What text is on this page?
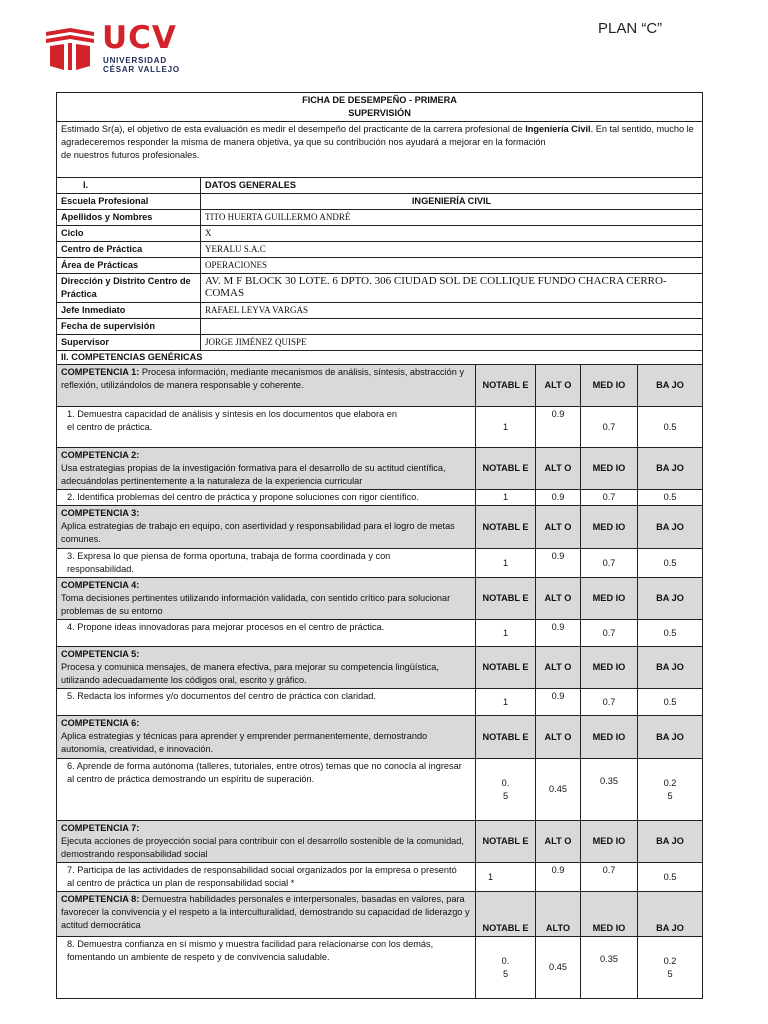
UCV
UNIVERSIDAD
CÉSAR VALLEJO
PLAN “C”
FICHA DE DESEMPEÑO - PRIMERA
SUPERVISIÓN					

Estimado Sr(a), el objetivo de esta evaluación es medir el desempeño del practicante de la carrera profesional de Ingeniería Civil. En tal sentido, mucho le agradeceremos responder la misma de manera objetiva, ya que su contribución nos ayudará a mejorar en la formación
de nuestros futuros profesionales.					
I.	DATOS GENERALES				
Escuela Profesional	INGENIERÍA CIVIL				
Apellidos y Nombres	TITO HUERTA GUILLERMO ANDRÉ				
Ciclo	X				
Centro de Práctica	YERALU S.A.C				
Área de Prácticas	OPERACIONES				
Dirección y Distrito Centro de Práctica	AV. M F BLOCK 30 LOTE. 6 DPTO. 306 CIUDAD SOL DE COLLIQUE FUNDO CHACRA CERRO- COMAS				
Jefe Inmediato	RAFAEL LEYVA VARGAS				
Fecha de supervisión					
Supervisor	JORGE JIMÉNEZ QUISPE				
II. COMPETENCIAS GENÉRICAS					
COMPETENCIA 1: Procesa información, mediante mecanismos de análisis, síntesis, abstracción y reflexión, utilizándolos de manera responsable y coherente.		NOTABL E	ALT O	MED IO	BA JO
1. Demuestra capacidad de análisis y síntesis en los documentos que elabora en el centro de práctica.		1	0.9	0.7	0.5
COMPETENCIA 2:
Usa estrategias propias de la investigación formativa para el desarrollo de su actitud científica, adecuándolas pertinentemente a la naturaleza de la experiencia curricular		NOTABL E	ALT O	MED IO	BA JO
2. Identifica problemas del centro de práctica y propone soluciones con rigor científico.		1	0.9	0.7	0.5
COMPETENCIA 3:
Aplica estrategias de trabajo en equipo, con asertividad y responsabilidad para el logro de metas comunes.		NOTABL E	ALT O	MED IO	BA JO
3. Expresa lo que piensa de forma oportuna, trabaja de forma coordinada y con responsabilidad.		1	0.9	0.7	0.5
COMPETENCIA 4:
Toma decisiones pertinentes utilizando información validada, con sentido crítico para solucionar problemas de su entorno		NOTABL E	ALT O	MED IO	BA JO
4. Propone ideas innovadoras para mejorar procesos en el centro de práctica.		1	0.9	0.7	0.5
COMPETENCIA 5:
Procesa y comunica mensajes, de manera efectiva, para mejorar su competencia lingüística, utilizando adecuadamente los códigos oral, escrito y gráfico.		NOTABL E	ALT O	MED IO	BA JO
5. Redacta los informes y/o documentos del centro de práctica con claridad.		1	0.9	0.7	0.5
COMPETENCIA 6:
Aplica estrategias y técnicas para aprender y emprender permanentemente, demostrando autonomía, creatividad, e innovación.		NOTABL E	ALT O	MED IO	BA JO
6. Aprende de forma autónoma (talleres, tutoriales, entre otros) temas que no conocía al ingresar al centro de práctica demostrando un espíritu de superación.		0.5	0.45	0.35	0.25
COMPETENCIA 7:
Ejecuta acciones de proyección social para contribuir con el desarrollo sostenible de la comunidad, demostrando responsabilidad social		NOTABL E	ALT O	MED IO	BA JO
7. Participa de las actividades de responsabilidad social organizados por la empresa o presentó al centro de práctica un plan de responsabilidad social *		1	0.9	0.7	0.5
COMPETENCIA 8: Demuestra habilidades personales e interpersonales, basadas en valores, para favorecer la convivencia y el respeto a la interculturalidad, demostrando su capacidad de liderazgo y actitud democrática		NOTABL E	ALTO	MED IO	BA JO
8. Demuestra confianza en sí mismo y muestra facilidad para relacionarse con los demás, fomentando un ambiente de respeto y de convivencia saludable.		0.5	0.45	0.35	0.25
